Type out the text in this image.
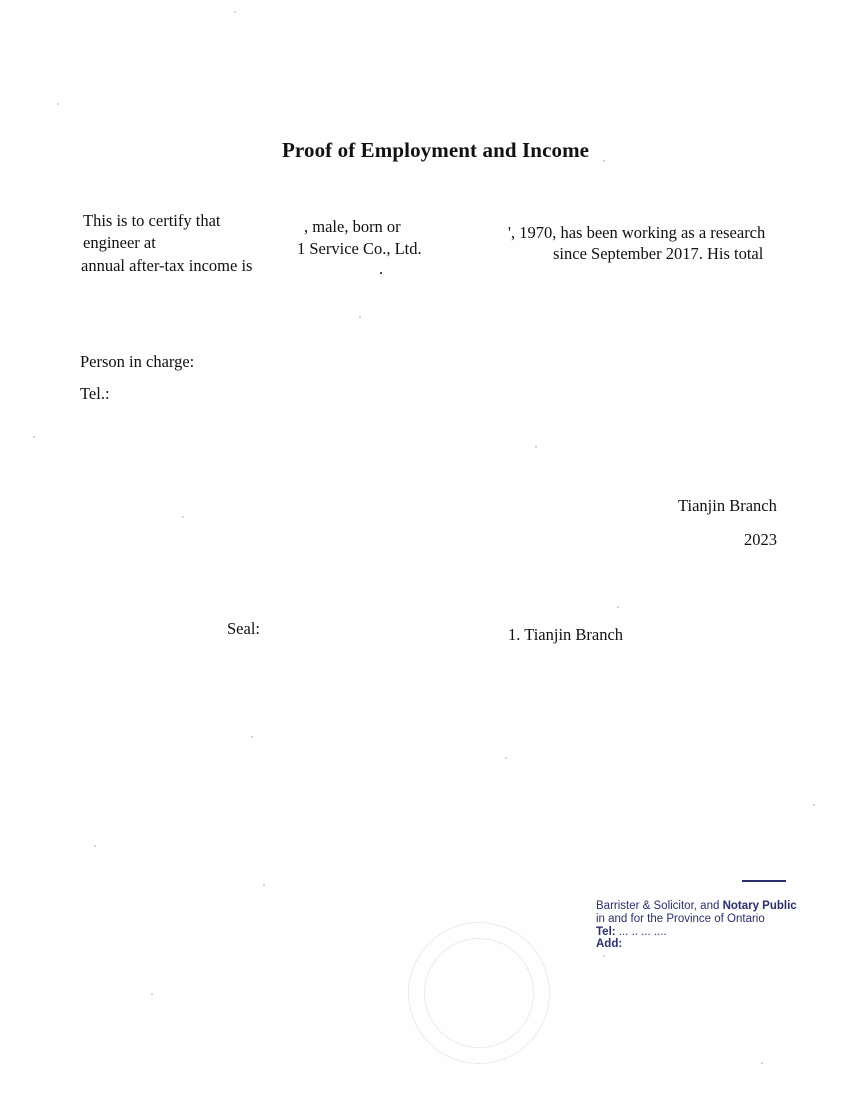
Proof of Employment and Income
This is to certify that	, male, born or	', 1970, has been working as a research
engineer at	1 Service Co., Ltd.	since September 2017. His total
annual after-tax income is	.
Person in charge:
Tel.:
Tianjin Branch
2023
Seal:	1. Tianjin Branch
Barrister & Solicitor, and Notary Public
in and for the Province of Ontario
Tel: ... .. ... ....
Add:
